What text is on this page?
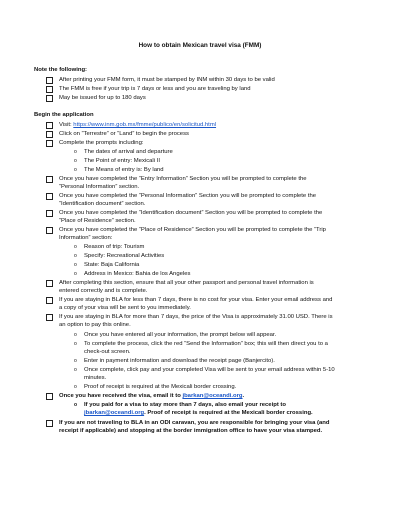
How to obtain Mexican travel visa (FMM)
Note the following:
After printing your FMM form, it must be stamped by INM within 30 days to be valid
The FMM is free if your trip is 7 days or less and you are traveling by land
May be issued for up to 180 days
Begin the application
Visit: https://www.inm.gob.mx/fmme/publico/en/solicitud.html
Click on “Terrestre” or “Land” to begin the process
Complete the prompts including:
o The dates of arrival and departure
o The Point of entry: Mexicali II
o The Means of entry is: By land
Once you have completed the “Entry Information” Section you will be prompted to complete the
“Personal Information” section.
Once you have completed the “Personal Information” Section you will be prompted to complete the
“Identification document” section.
Once you have completed the “Identification document” Section you will be prompted to complete the
“Place of Residence” section.
Once you have completed the “Place of Residence” Section you will be prompted to complete the “Trip
Information” section:
o Reason of trip: Tourism
o Specify: Recreational Activities
o State: Baja California
o Address in Mexico: Bahia de los Angeles
After completing this section, ensure that all your other passport and personal travel information is
entered correctly and is complete.
If you are staying in BLA for less than 7 days, there is no cost for your visa. Enter your email address and
a copy of your visa will be sent to you immediately.
If you are staying in BLA for more than 7 days, the price of the Visa is approximately 31.00 USD. There is
an option to pay this online.
o Once you have entered all your information, the prompt below will appear.
o To complete the process, click the red “Send the Information” box; this will then direct you to a
check-out screen.
o Enter in payment information and download the receipt page (Banjercito).
o Once complete, click pay and your completed Visa will be sent to your email address within 5-10
minutes.
o Proof of receipt is required at the Mexicali border crossing.
Once you have received the visa, email it to jbarkan@oceandi.org.
o If you paid for a visa to stay more than 7 days, also email your receipt to
jbarkan@oceandi.org. Proof of receipt is required at the Mexicali border crossing.
If you are not traveling to BLA in an ODI caravan, you are responsible for bringing your visa (and
receipt if applicable) and stopping at the border immigration office to have your visa stamped.
